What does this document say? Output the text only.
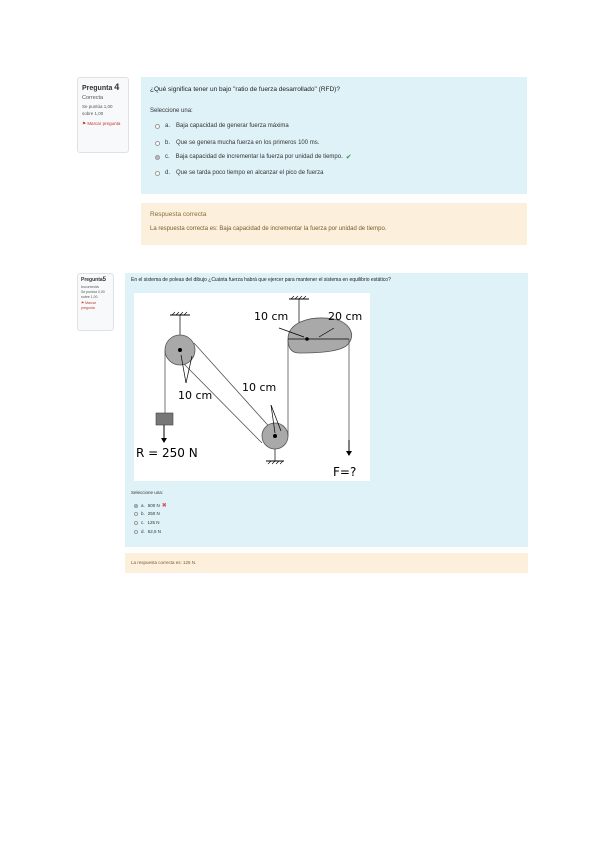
Pregunta 4
Correcta
Se puntúa 1,00 sobre 1,00
⚑ Marcar pregunta
¿Qué significa tener un bajo "ratio de fuerza desarrollado" (RFD)?
Seleccione una:
a. Baja capacidad de generar fuerza máxima
b. Que se genera mucha fuerza en los primeros 100 ms.
c. Baja capacidad de incrementar la fuerza por unidad de tiempo. ✔
d. Que se tarda poco tiempo en alcanzar el pico de fuerza
Respuesta correcta
La respuesta correcta es: Baja capacidad de incrementar la fuerza por unidad de tiempo.
Pregunta5
Incorrecta
Se puntúa 0,00 sobre 1,00
⚑ Marcar pregunta
En el sistema de poleas del dibujo ¿Cuánta fuerza habrá que ejercer para mantener el sistema en equilibrio estático?
10 cm	20 cm
10 cm
10 cm
R = 250 N
F=?
Seleccione una:
a. 500 N ✖
b. 250 N
c. 125 N
d. 62,5 N
La respuesta correcta es: 125 N.
